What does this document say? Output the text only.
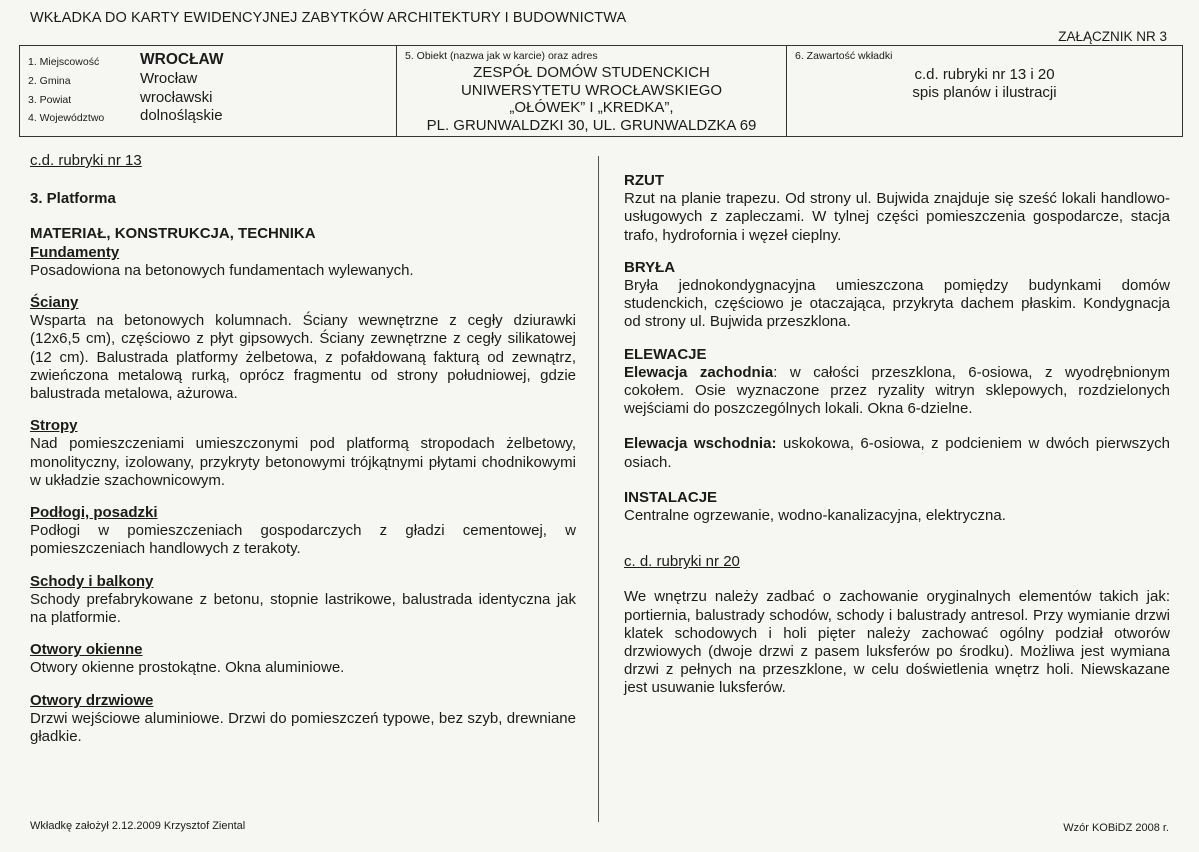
WKŁADKA DO KARTY EWIDENCYJNEJ ZABYTKÓW ARCHITEKTURY I BUDOWNICTWA
ZAŁĄCZNIK NR 3
1. Miejscowość	WROCŁAW
2. Gmina	Wrocław
3. Powiat	wrocławski
4. Województwo dolnośląskie
5. Obiekt (nazwa jak w karcie) oraz adres
ZESPÓŁ DOMÓW STUDENCKICH
UNIWERSYTETU WROCŁAWSKIEGO
„OŁÓWEK” I „KREDKA”,
PL. GRUNWALDZKI 30, UL. GRUNWALDZKA 69
6. Zawartość wkładki
c.d. rubryki nr 13 i 20
spis planów i ilustracji
c.d. rubryki nr 13
3. Platforma
MATERIAŁ, KONSTRUKCJA, TECHNIKA
Fundamenty
Posadowiona na betonowych fundamentach wylewanych.
Ściany
Wsparta na betonowych kolumnach. Ściany wewnętrzne z cegły dziurawki (12x6,5 cm), częściowo z płyt gipsowych. Ściany zewnętrzne z cegły silikatowej (12 cm). Balustrada platformy żelbetowa, z pofałdowaną fakturą od zewnątrz, zwieńczona metalową rurką, oprócz fragmentu od strony południowej, gdzie balustrada metalowa, ażurowa.
Stropy
Nad pomieszczeniami umieszczonymi pod platformą stropodach żelbetowy, monolityczny, izolowany, przykryty betonowymi trójkątnymi płytami chodnikowymi w układzie szachownicowym.
Podłogi, posadzki
Podłogi w pomieszczeniach gospodarczych z gładzi cementowej, w pomieszczeniach handlowych z terakoty.
Schody i balkony
Schody prefabrykowane z betonu, stopnie lastrikowe, balustrada identyczna jak na platformie.
Otwory okienne
Otwory okienne prostokątne. Okna aluminiowe.
Otwory drzwiowe
Drzwi wejściowe aluminiowe. Drzwi do pomieszczeń typowe, bez szyb, drewniane gładkie.
RZUT
Rzut na planie trapezu. Od strony ul. Bujwida znajduje się sześć lokali handlowo-usługowych z zapleczami. W tylnej części pomieszczenia gospodarcze, stacja trafo, hydrofornia i węzeł cieplny.
BRYŁA
Bryła jednokondygnacyjna umieszczona pomiędzy budynkami domów studenckich, częściowo je otaczająca, przykryta dachem płaskim. Kondygnacja od strony ul. Bujwida przeszklona.
ELEWACJE
Elewacja zachodnia: w całości przeszklona, 6-osiowa, z wyodrębnionym cokołem. Osie wyznaczone przez ryzality witryn sklepowych, rozdzielonych wejściami do poszczególnych lokali. Okna 6-dzielne.
Elewacja wschodnia: uskokowa, 6-osiowa, z podcieniem w dwóch pierwszych osiach.
INSTALACJE
Centralne ogrzewanie, wodno-kanalizacyjna, elektryczna.
c. d. rubryki nr 20
We wnętrzu należy zadbać o zachowanie oryginalnych elementów takich jak: portiernia, balustrady schodów, schody i balustrady antresol. Przy wymianie drzwi klatek schodowych i holi pięter należy zachować ogólny podział otworów drzwiowych (dwoje drzwi z pasem luksferów po środku). Możliwa jest wymiana drzwi z pełnych na przeszklone, w celu doświetlenia wnętrz holi. Niewskazane jest usuwanie luksferów.
Wkładkę założył 2.12.2009 Krzysztof Ziental	Wzór KOBiDZ 2008 r.
